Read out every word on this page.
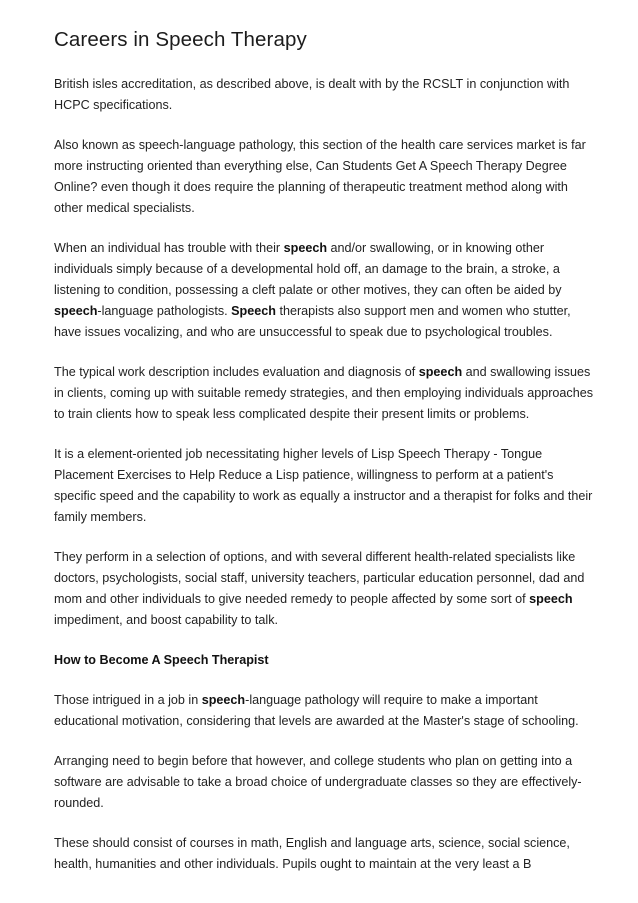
Careers in Speech Therapy

British isles accreditation, as described above, is dealt with by the RCSLT in conjunction with HCPC specifications.

Also known as speech-language pathology, this section of the health care services market is far more instructing oriented than everything else, Can Students Get A Speech Therapy Degree Online? even though it does require the planning of therapeutic treatment method along with other medical specialists.

When an individual has trouble with their speech and/or swallowing, or in knowing other individuals simply because of a developmental hold off, an damage to the brain, a stroke, a listening to condition, possessing a cleft palate or other motives, they can often be aided by speech-language pathologists. Speech therapists also support men and women who stutter, have issues vocalizing, and who are unsuccessful to speak due to psychological troubles.

The typical work description includes evaluation and diagnosis of speech and swallowing issues in clients, coming up with suitable remedy strategies, and then employing individuals approaches to train clients how to speak less complicated despite their present limits or problems.

It is a element-oriented job necessitating higher levels of Lisp Speech Therapy - Tongue Placement Exercises to Help Reduce a Lisp patience, willingness to perform at a patient's specific speed and the capability to work as equally a instructor and a therapist for folks and their family members.

They perform in a selection of options, and with several different health-related specialists like doctors, psychologists, social staff, university teachers, particular education personnel, dad and mom and other individuals to give needed remedy to people affected by some sort of speech impediment, and boost capability to talk.

How to Become A Speech Therapist

Those intrigued in a job in speech-language pathology will require to make a important educational motivation, considering that levels are awarded at the Master's stage of schooling.

Arranging need to begin before that however, and college students who plan on getting into a software are advisable to take a broad choice of undergraduate classes so they are effectively-rounded.

These should consist of courses in math, English and language arts, science, social science, health, humanities and other individuals. Pupils ought to maintain at the very least a B
